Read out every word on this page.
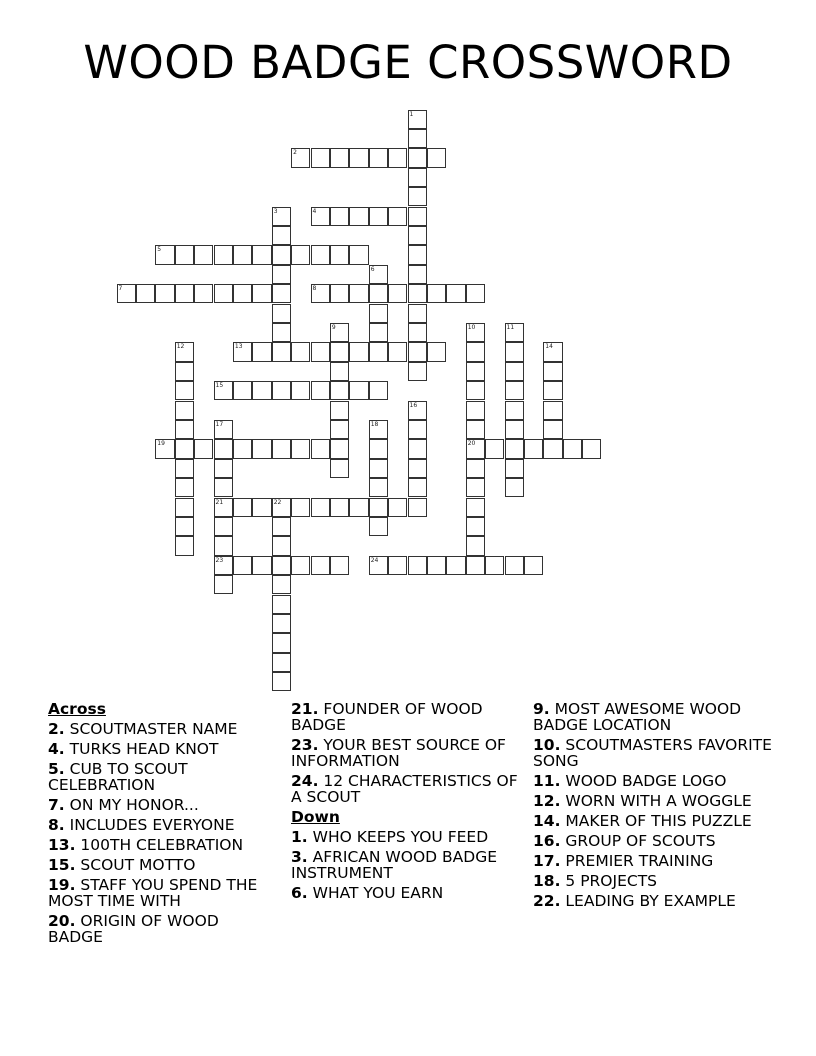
WOOD BADGE CROSSWORD
1
2
3	4
5
6
7	8
9	10
20
11
12	13	14
15
16
17
21
23
18
19
22
24
Across
2. SCOUTMASTER NAME
4. TURKS HEAD KNOT
5. CUB TO SCOUT CELEBRATION
7. ON MY HONOR...
8. INCLUDES EVERYONE
13. 100TH CELEBRATION
15. SCOUT MOTTO
19. STAFF YOU SPEND THE MOST TIME WITH
20. ORIGIN OF WOOD BADGE
21. FOUNDER OF WOOD BADGE
23. YOUR BEST SOURCE OF INFORMATION
24. 12 CHARACTERISTICS OF A SCOUT
Down
1. WHO KEEPS YOU FEED
3. AFRICAN WOOD BADGE INSTRUMENT
6. WHAT YOU EARN
9. MOST AWESOME WOOD BADGE LOCATION
10. SCOUTMASTERS FAVORITE SONG
11. WOOD BADGE LOGO
12. WORN WITH A WOGGLE
14. MAKER OF THIS PUZZLE
16. GROUP OF SCOUTS
17. PREMIER TRAINING
18. 5 PROJECTS
22. LEADING BY EXAMPLE
